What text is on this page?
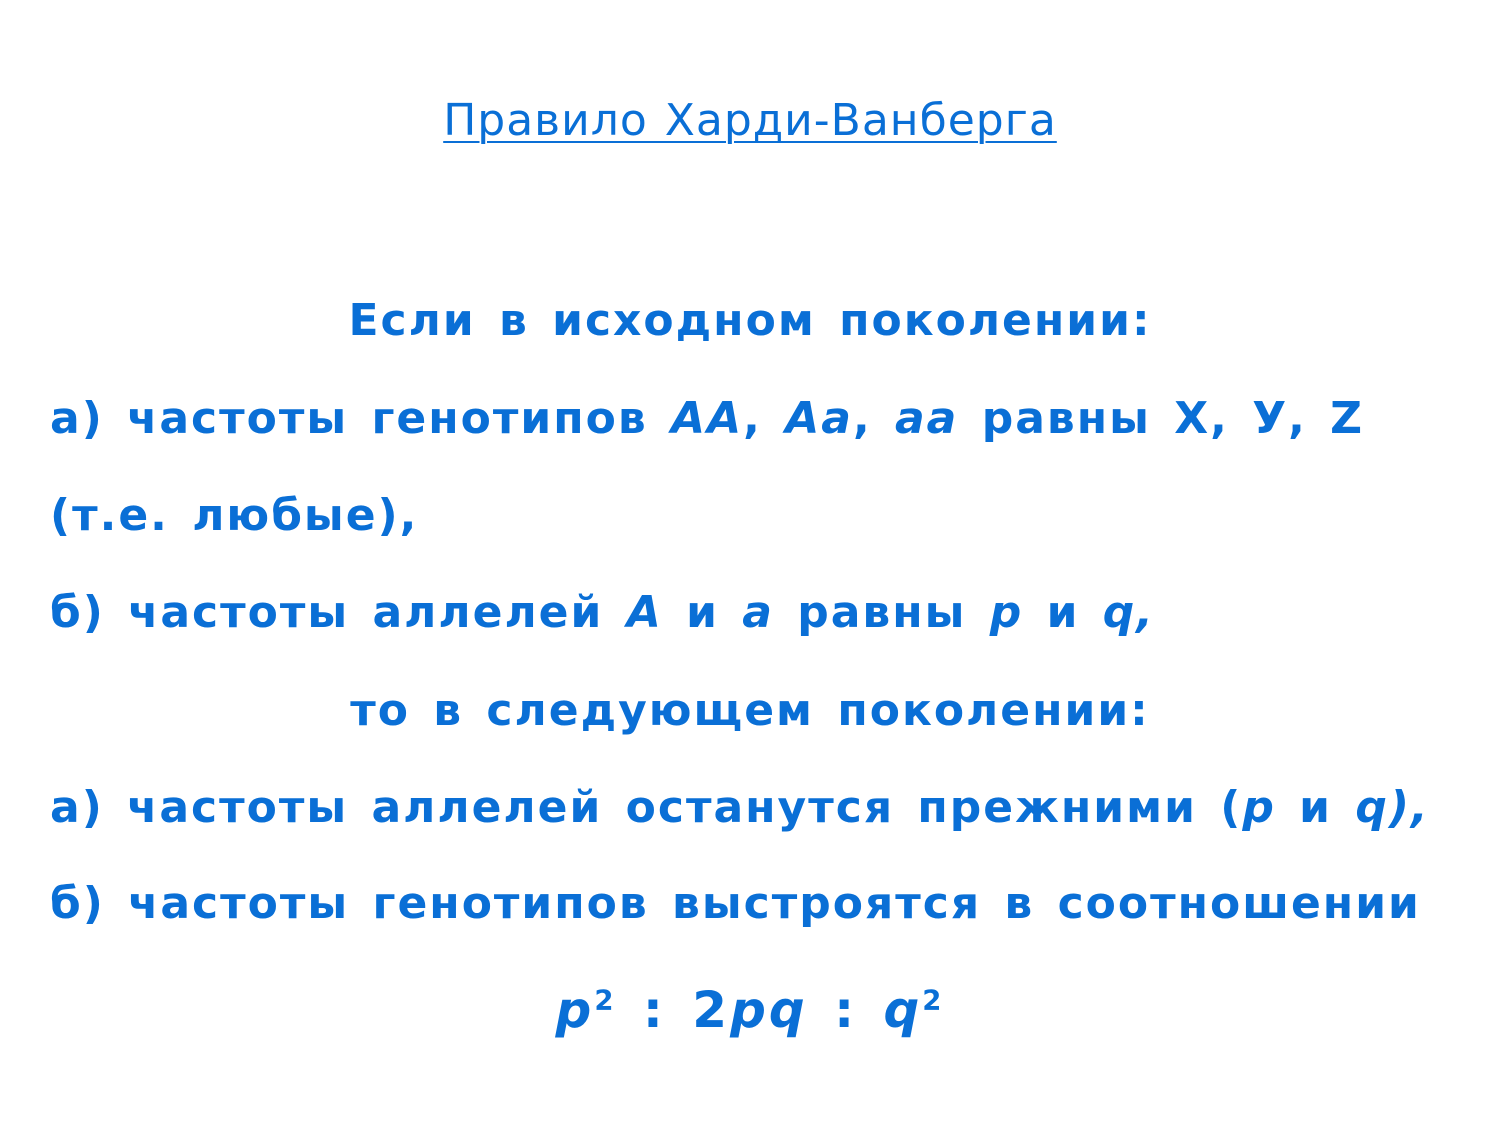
Правило Харди-Ванберга
Если в исходном поколении:
а) частоты генотипов AA, Aa, aa равны X, У, Z
(т.е. любые),
б) частоты аллелей A и a равны p и q,
то в следующем поколении:
а) частоты аллелей останутся прежними (p и q),
б) частоты генотипов выстроятся в соотношении
$p^2$ : 2pq : $q^2$
